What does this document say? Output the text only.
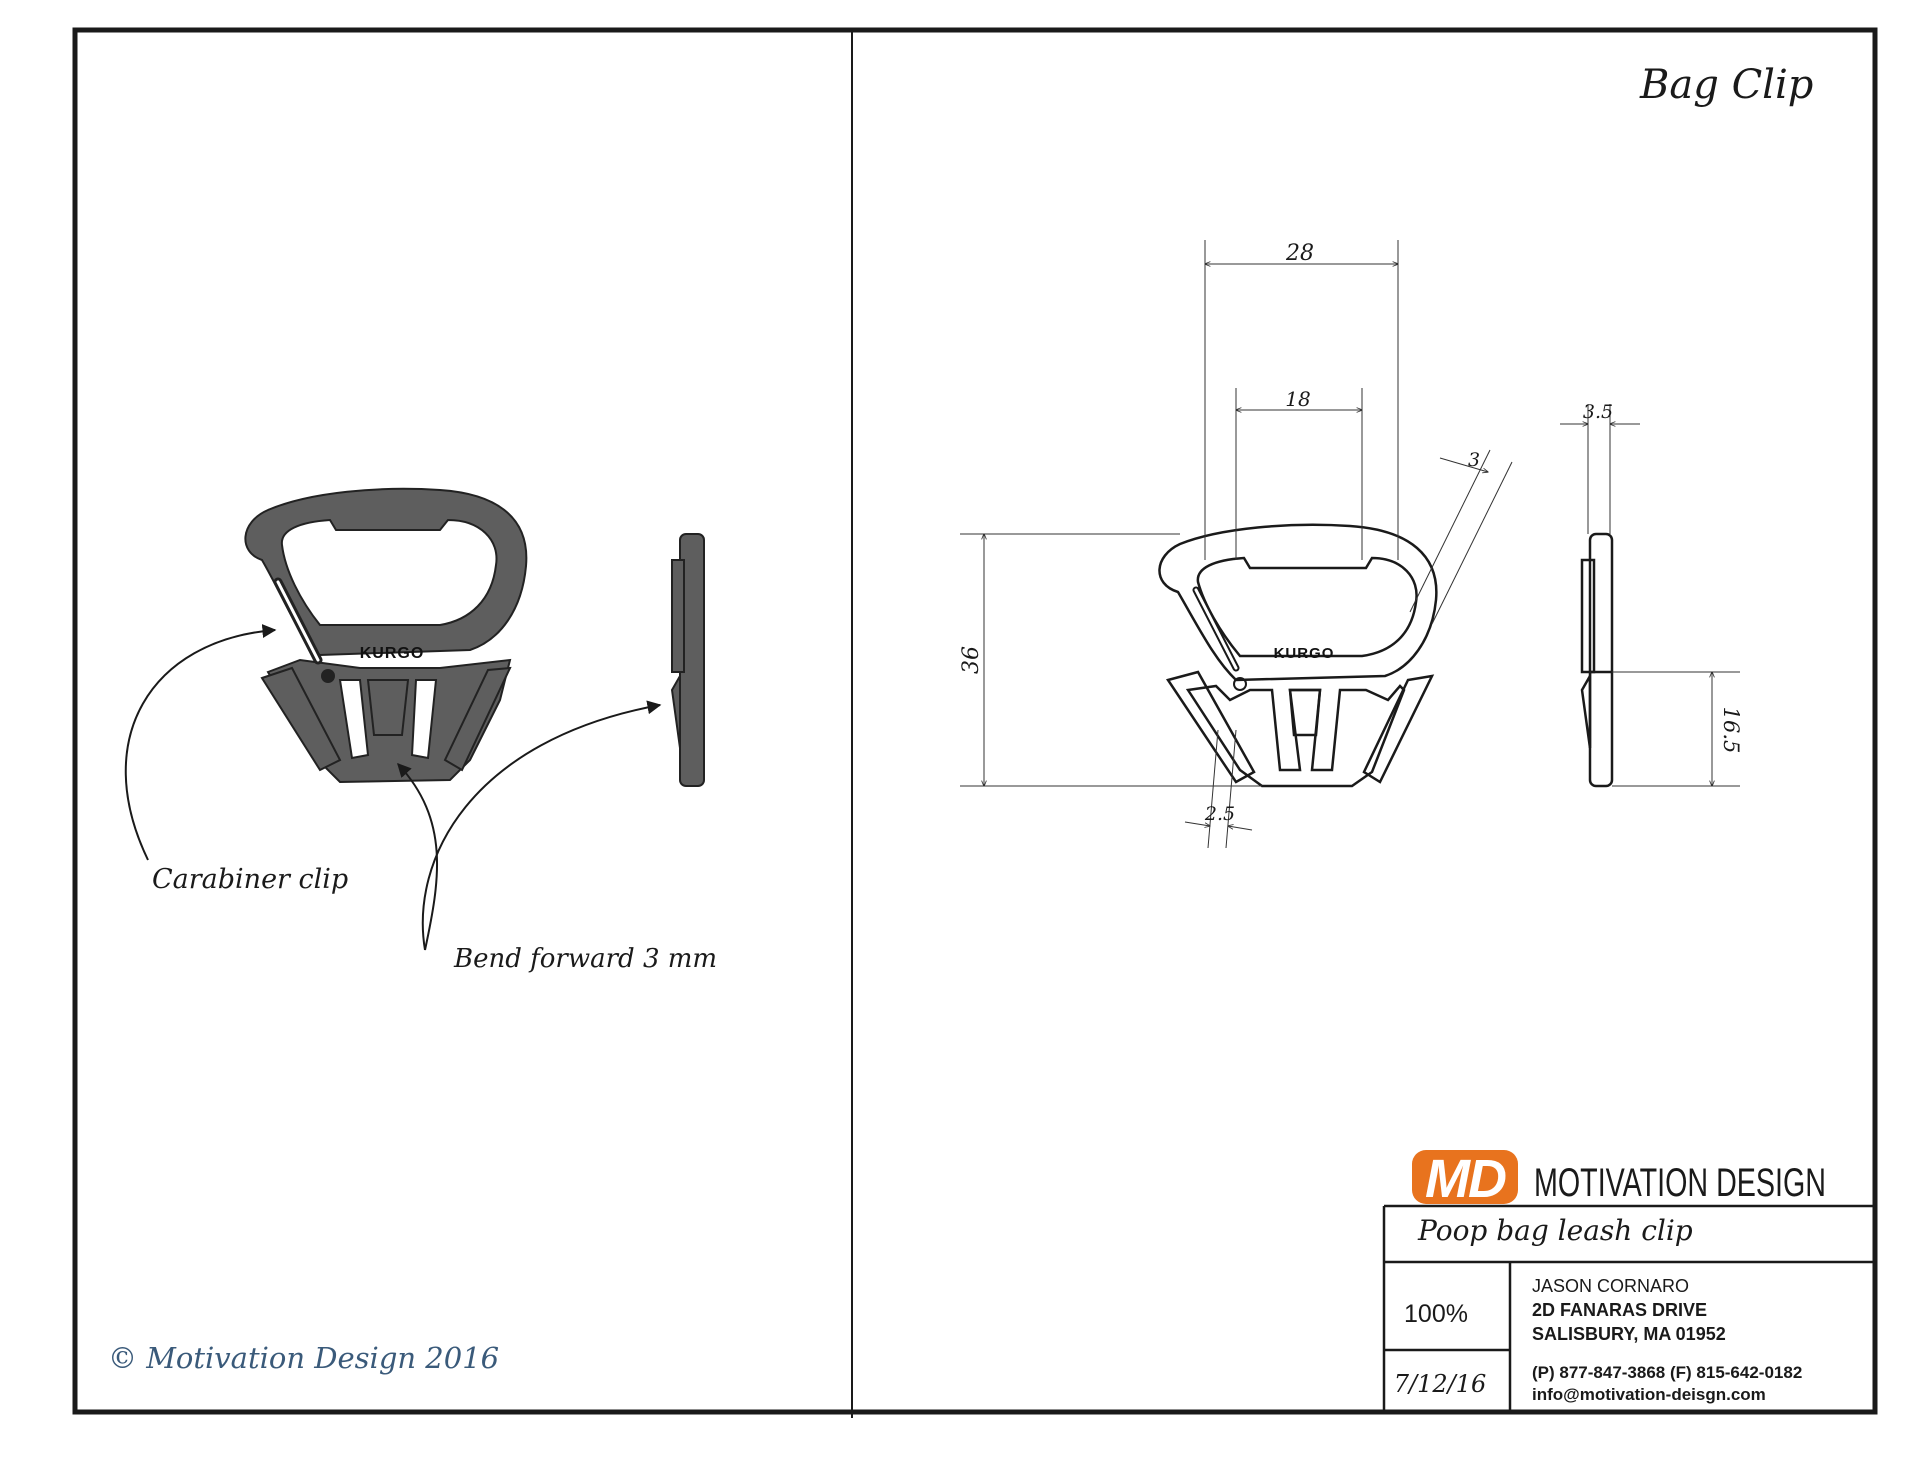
KURGO
Carabiner clip
Bend forward 3 mm
© Motivation Design 2016
Bag Clip
KURGO
28
18
3.5
3
36
16.5
2.5
MD MOTIVATION DESIGN
Poop bag leash clip
100%
7/12/16
JASON CORNARO
2D FANARAS DRIVE
SALISBURY, MA 01952
(P) 877-847-3868 (F) 815-642-0182
info@motivation-deisgn.com
